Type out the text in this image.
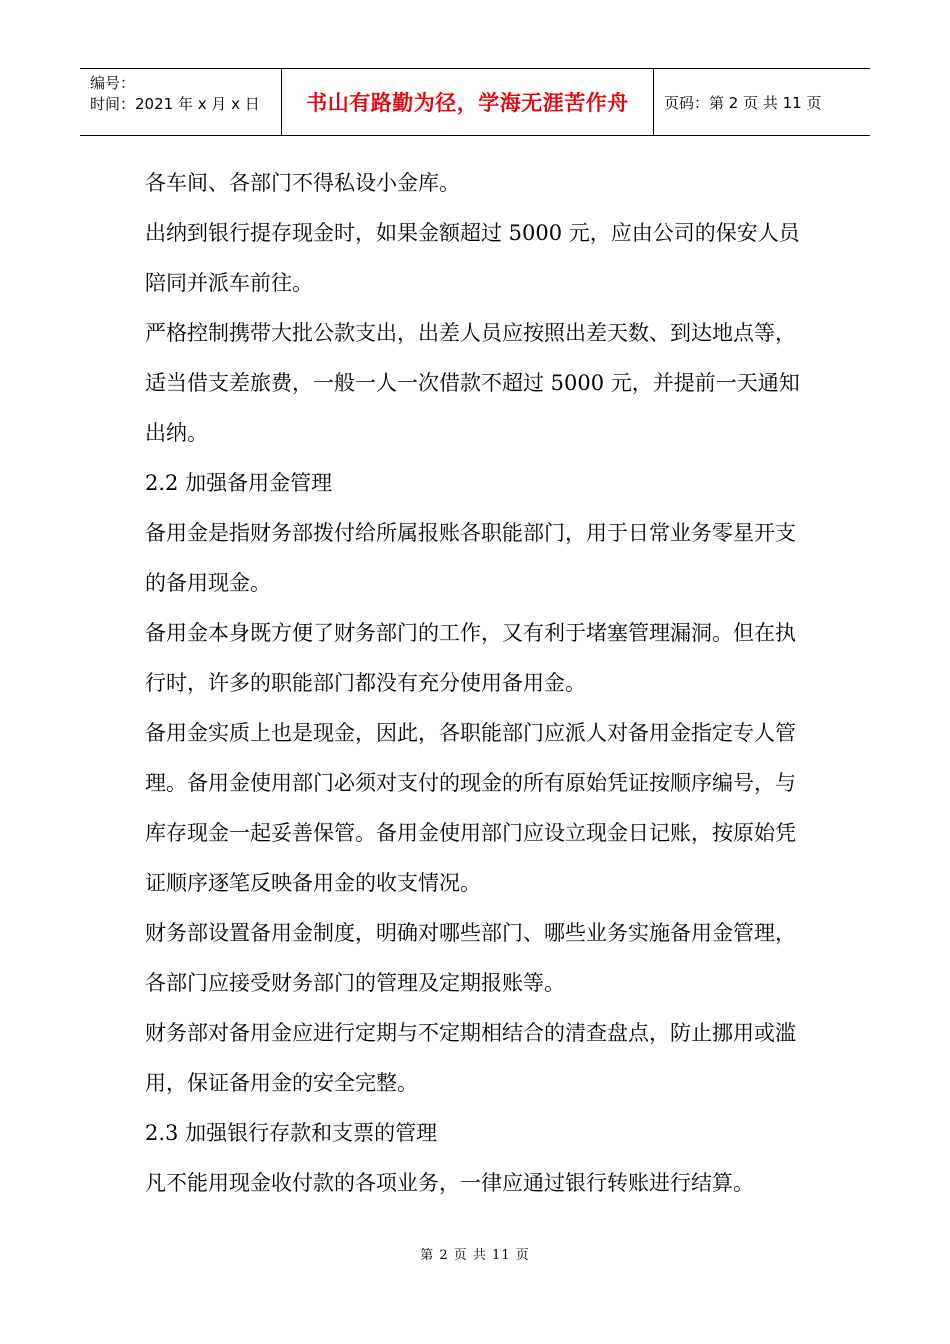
编号：
时间：2021 年 x 月 x 日	书山有路勤为径，学海无涯苦作舟	页码：第 2 页 共 11 页

各车间、各部门不得私设小金库。

出纳到银行提存现金时，如果金额超过 5000 元，应由公司的保安人员陪同并派车前往。

严格控制携带大批公款支出，出差人员应按照出差天数、到达地点等，适当借支差旅费，一般一人一次借款不超过 5000 元，并提前一天通知出纳。

2.2 加强备用金管理

备用金是指财务部拨付给所属报账各职能部门，用于日常业务零星开支的备用现金。

备用金本身既方便了财务部门的工作，又有利于堵塞管理漏洞。但在执行时，许多的职能部门都没有充分使用备用金。

备用金实质上也是现金，因此，各职能部门应派人对备用金指定专人管理。备用金使用部门必须对支付的现金的所有原始凭证按顺序编号，与库存现金一起妥善保管。备用金使用部门应设立现金日记账，按原始凭证顺序逐笔反映备用金的收支情况。

财务部设置备用金制度，明确对哪些部门、哪些业务实施备用金管理，各部门应接受财务部门的管理及定期报账等。

财务部对备用金应进行定期与不定期相结合的清查盘点，防止挪用或滥用，保证备用金的安全完整。

2.3 加强银行存款和支票的管理

凡不能用现金收付款的各项业务，一律应通过银行转账进行结算。

第 2 页 共 11 页
